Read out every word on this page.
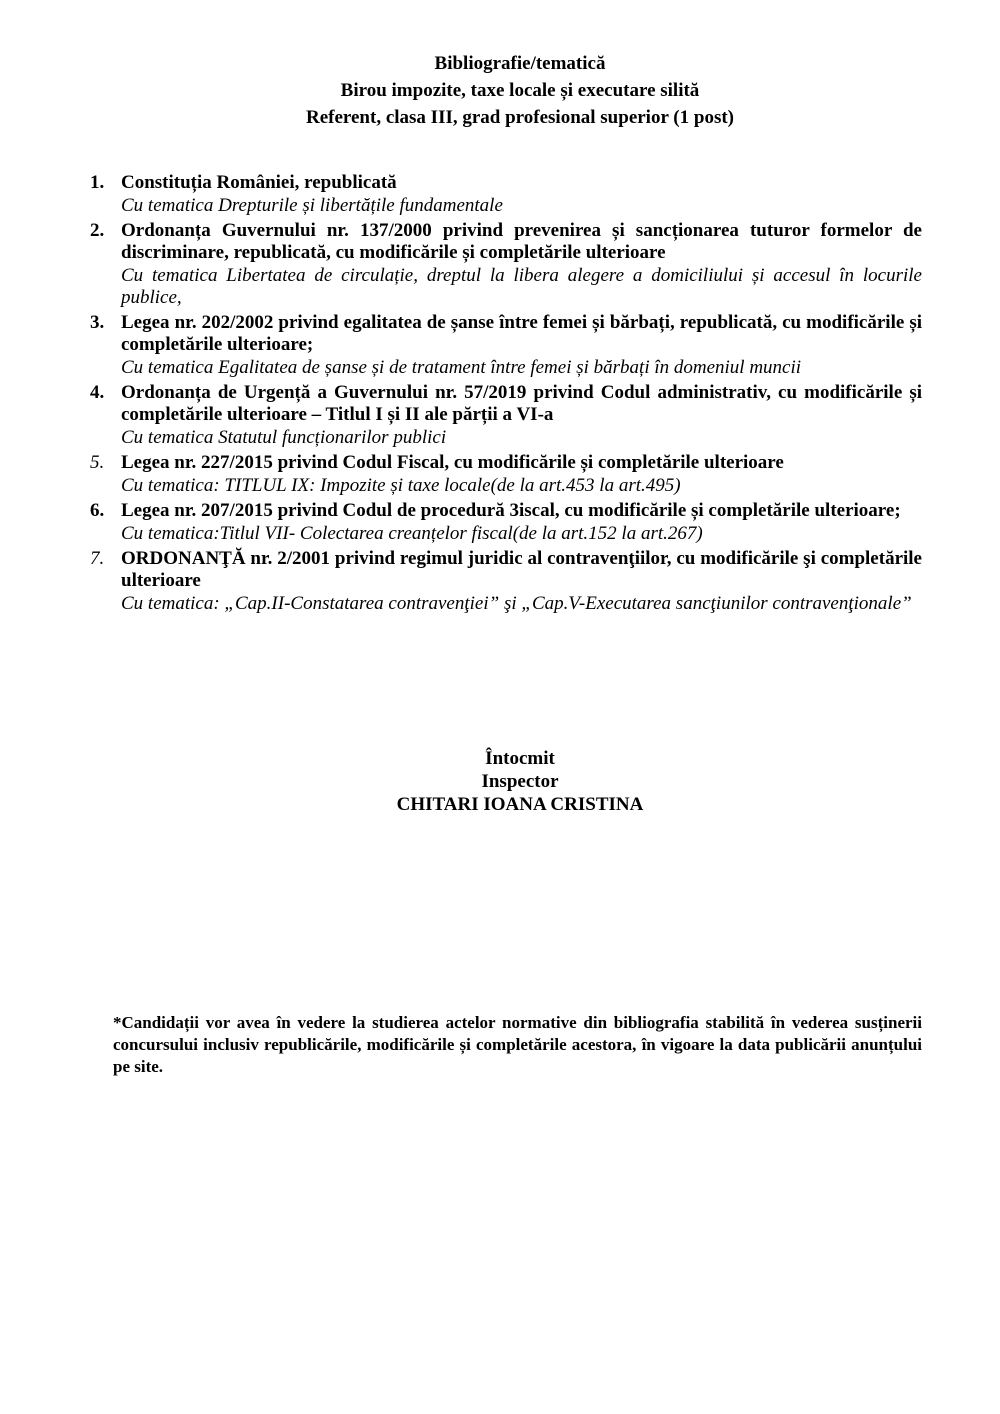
Bibliografie/tematică
Birou impozite, taxe locale și executare silită
Referent, clasa III, grad profesional superior (1 post)
1. Constituția României, republicată
Cu tematica Drepturile și libertățile fundamentale
2. Ordonanța Guvernului nr. 137/2000 privind prevenirea și sancționarea tuturor formelor de discriminare, republicată, cu modificările și completările ulterioare
Cu tematica Libertatea de circulație, dreptul la libera alegere a domiciliului și accesul în locurile publice,
3. Legea nr. 202/2002 privind egalitatea de șanse între femei și bărbați, republicată, cu modificările și completările ulterioare;
Cu tematica Egalitatea de șanse și de tratament între femei și bărbați în domeniul muncii
4. Ordonanța de Urgență a Guvernului nr. 57/2019 privind Codul administrativ, cu modificările și completările ulterioare – Titlul I și II ale părții a VI-a
Cu tematica Statutul funcționarilor publici
5. Legea nr. 227/2015 privind Codul Fiscal, cu modificările și completările ulterioare
Cu tematica: TITLUL IX: Impozite și taxe locale(de la art.453 la art.495)
6. Legea nr. 207/2015 privind Codul de procedură 3iscal, cu modificările și completările ulterioare;
Cu tematica:Titlul VII- Colectarea creanțelor fiscal(de la art.152 la art.267)
7. ORDONANŢĂ nr. 2/2001 privind regimul juridic al contravenţiilor, cu modificările şi completările ulterioare
Cu tematica: „Cap.II-Constatarea contravenţiei” şi „Cap.V-Executarea sancţiunilor contravenţionale”
Întocmit
Inspector
CHITARI IOANA CRISTINA
*Candidații vor avea în vedere la studierea actelor normative din bibliografia stabilită în vederea susținerii concursului inclusiv republicările, modificările și completările acestora, în vigoare la data publicării anunțului pe site.
